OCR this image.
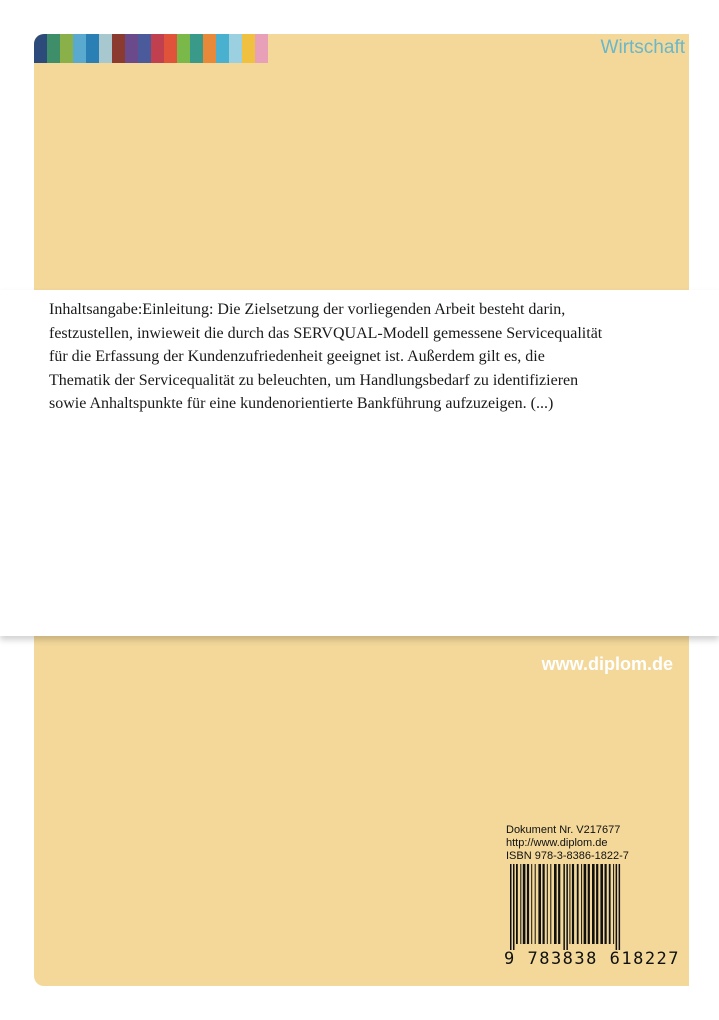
Wirtschaft

Inhaltsangabe:Einleitung: Die Zielsetzung der vorliegenden Arbeit besteht darin, festzustellen, inwieweit die durch das SERVQUAL-Modell gemessene Servicequalität für die Erfassung der Kundenzufriedenheit geeignet ist. Außerdem gilt es, die Thematik der Servicequalität zu beleuchten, um Handlungsbedarf zu identifizieren sowie Anhaltspunkte für eine kundenorientierte Bankführung aufzuzeigen. (...)

www.diplom.de
Dokument Nr. V217677
http://www.diplom.de
ISBN 978-3-8386-1822-7
9 783838 618227
